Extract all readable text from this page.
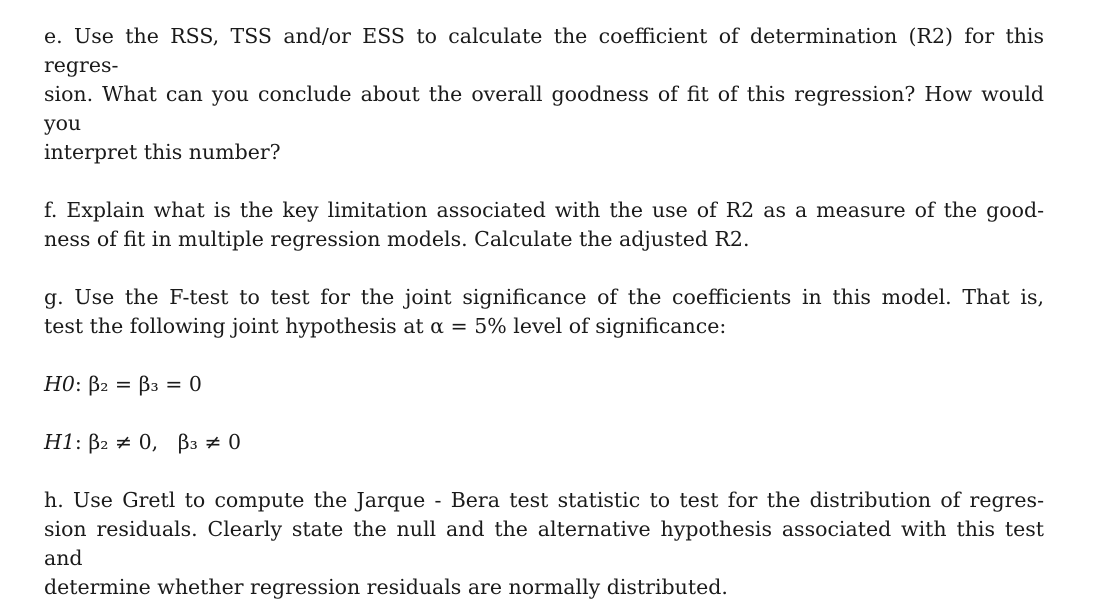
e. Use the RSS, TSS and/or ESS to calculate the coefficient of determination (R2) for this regres-
sion. What can you conclude about the overall goodness of fit of this regression? How would you
interpret this number?

f. Explain what is the key limitation associated with the use of R2 as a measure of the good-
ness of fit in multiple regression models. Calculate the adjusted R2.

g. Use the F-test to test for the joint significance of the coefficients in this model. That is,
test the following joint hypothesis at α = 5% level of significance:

H0: β₂ = β₃ = 0
H1: β₂ ≠ 0,   β₃ ≠ 0

h. Use Gretl to compute the Jarque - Bera test statistic to test for the distribution of regres-
sion residuals. Clearly state the null and the alternative hypothesis associated with this test and
determine whether regression residuals are normally distributed.
